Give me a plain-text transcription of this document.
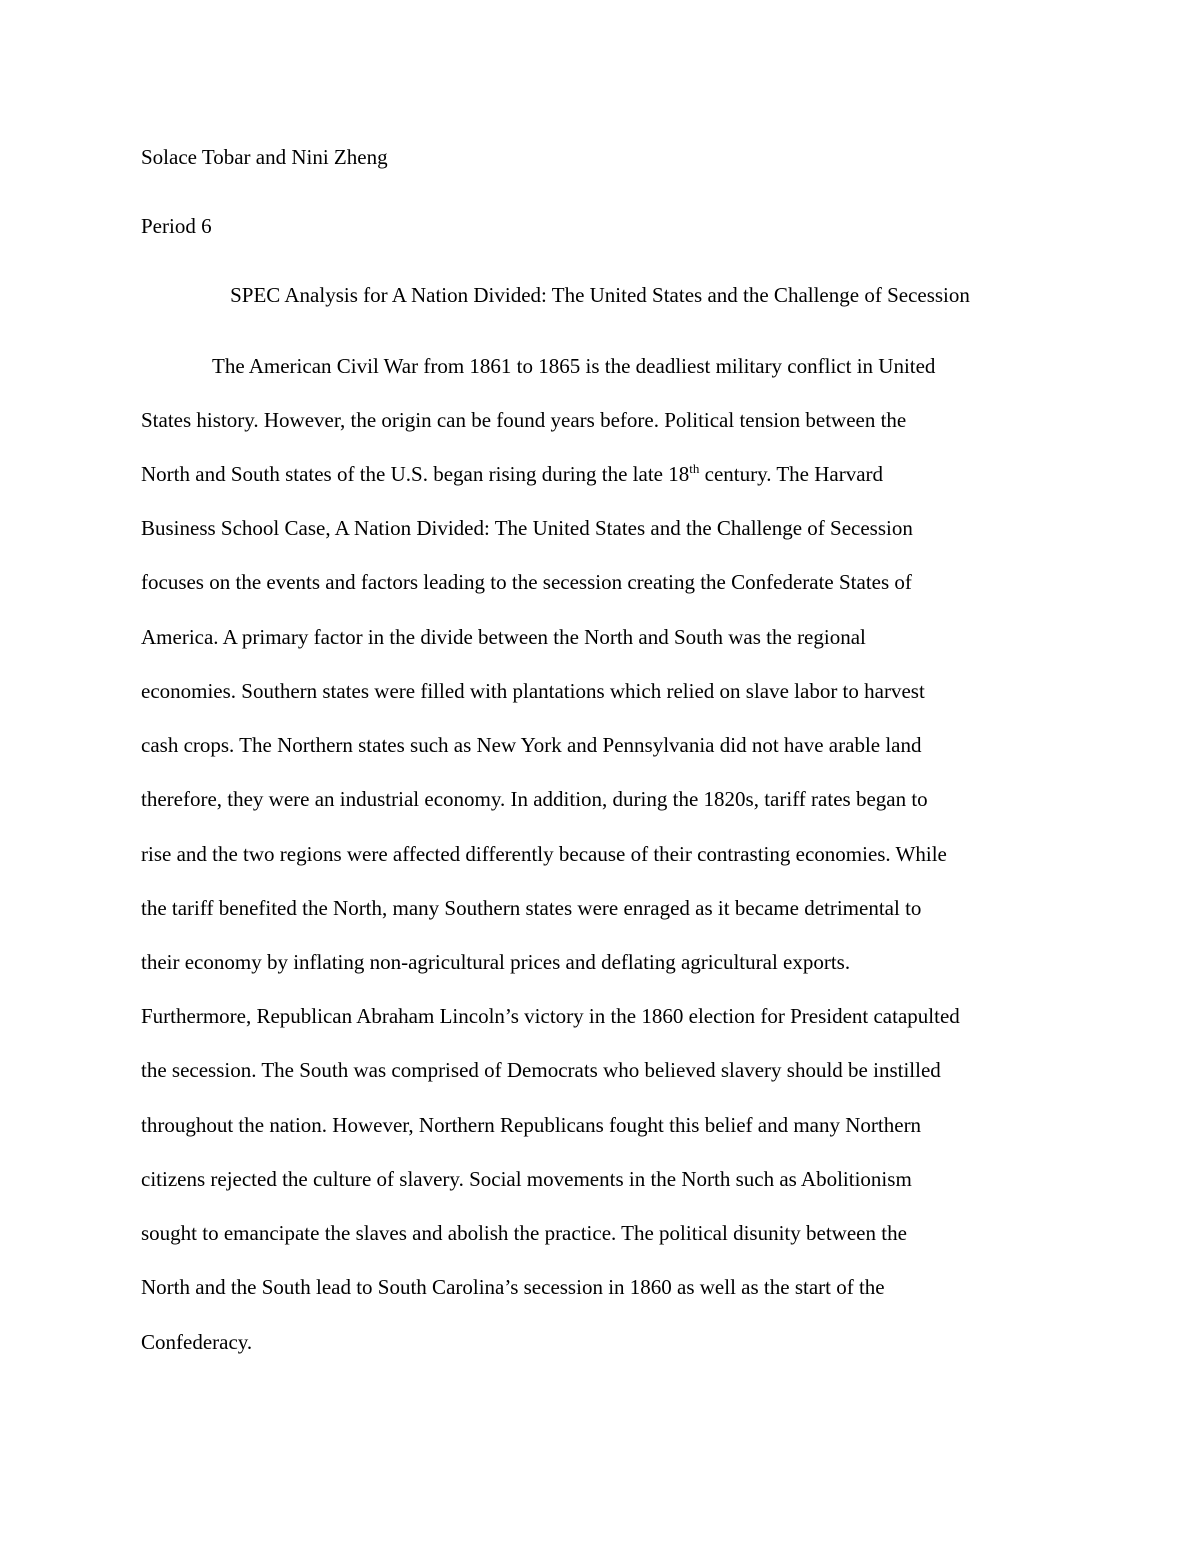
Solace Tobar and Nini Zheng
Period 6
SPEC Analysis for A Nation Divided: The United States and the Challenge of Secession
The American Civil War from 1861 to 1865 is the deadliest military conflict in United
States history. However, the origin can be found years before. Political tension between the
North and South states of the U.S. began rising during the late 18th century. The Harvard
Business School Case, A Nation Divided: The United States and the Challenge of Secession
focuses on the events and factors leading to the secession creating the Confederate States of
America. A primary factor in the divide between the North and South was the regional
economies. Southern states were filled with plantations which relied on slave labor to harvest
cash crops. The Northern states such as New York and Pennsylvania did not have arable land
therefore, they were an industrial economy. In addition, during the 1820s, tariff rates began to
rise and the two regions were affected differently because of their contrasting economies. While
the tariff benefited the North, many Southern states were enraged as it became detrimental to
their economy by inflating non-agricultural prices and deflating agricultural exports.
Furthermore, Republican Abraham Lincoln’s victory in the 1860 election for President catapulted
the secession. The South was comprised of Democrats who believed slavery should be instilled
throughout the nation. However, Northern Republicans fought this belief and many Northern
citizens rejected the culture of slavery. Social movements in the North such as Abolitionism
sought to emancipate the slaves and abolish the practice. The political disunity between the
North and the South lead to South Carolina’s secession in 1860 as well as the start of the
Confederacy.
